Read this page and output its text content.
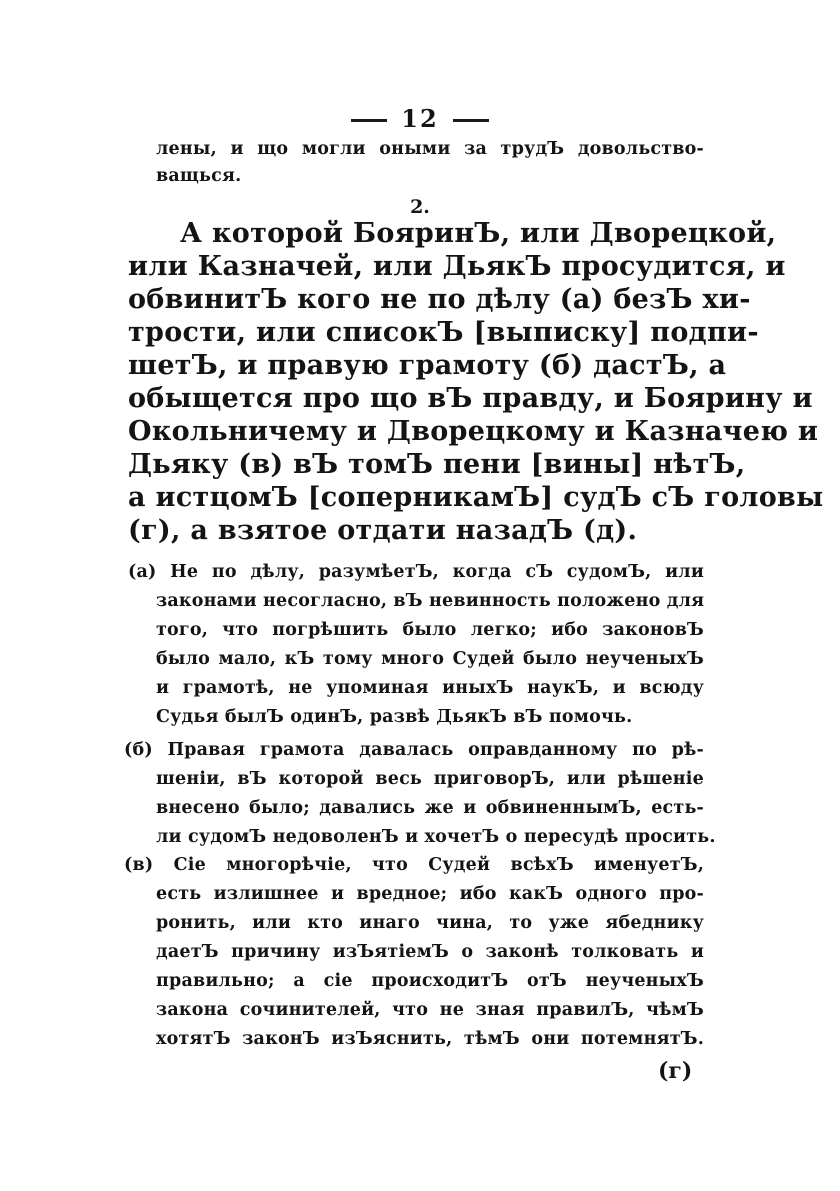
12
лены, и що могли оными за трудЪ довольство-
ващься.
2.
А которой БояринЪ, или Дворецкой,
или Казначей, или ДьякЪ просудится, и
обвинитЪ кого не по дѣлу (а) безЪ хи-
трости, или списокЪ [выписку] подпи-
шетЪ, и правую грамоту (б) дастЪ, а
обыщется про що вЪ правду, и Боярину и
Окольничему и Дворецкому и Казначею и
Дьяку (в) вЪ томЪ пени [вины] нѣтЪ,
а истцомЪ [соперникамЪ] судЪ сЪ головы
(г), а взятое отдати назадЪ (д).
(а) Не по дѣлу, разумѣетЪ, когда сЪ судомЪ, или
законами несогласно, вЪ невинность положено для
того, что погрѣшить было легко; ибо законовЪ
было мало, кЪ тому много Судей было неученыхЪ
и грамотѣ, не упоминая иныхЪ наукЪ, и всюду
Судья былЪ одинЪ, развѣ ДьякЪ вЪ помочь.
(б) Правая грамота давалась оправданному по рѣ-
шенiи, вЪ которой весь приговорЪ, или рѣшенiе
внесено было; давались же и обвиненнымЪ, есть-
ли судомЪ недоволенЪ и хочетЪ о пересудѣ просить.
(в) Сiе многорѣчiе, что Судей всѣхЪ именуетЪ,
есть излишнее и вредное; ибо какЪ одного про-
ронить, или кто инаго чина, то уже ябеднику
даетЪ причину изЪятiемЪ о законѣ толковать и
правильно; а сiе происходитЪ отЪ неученыхЪ
закона сочинителей, что не зная правилЪ, чѣмЪ
хотятЪ законЪ изЪяснить, тѣмЪ они потемнятЪ.
(г)
